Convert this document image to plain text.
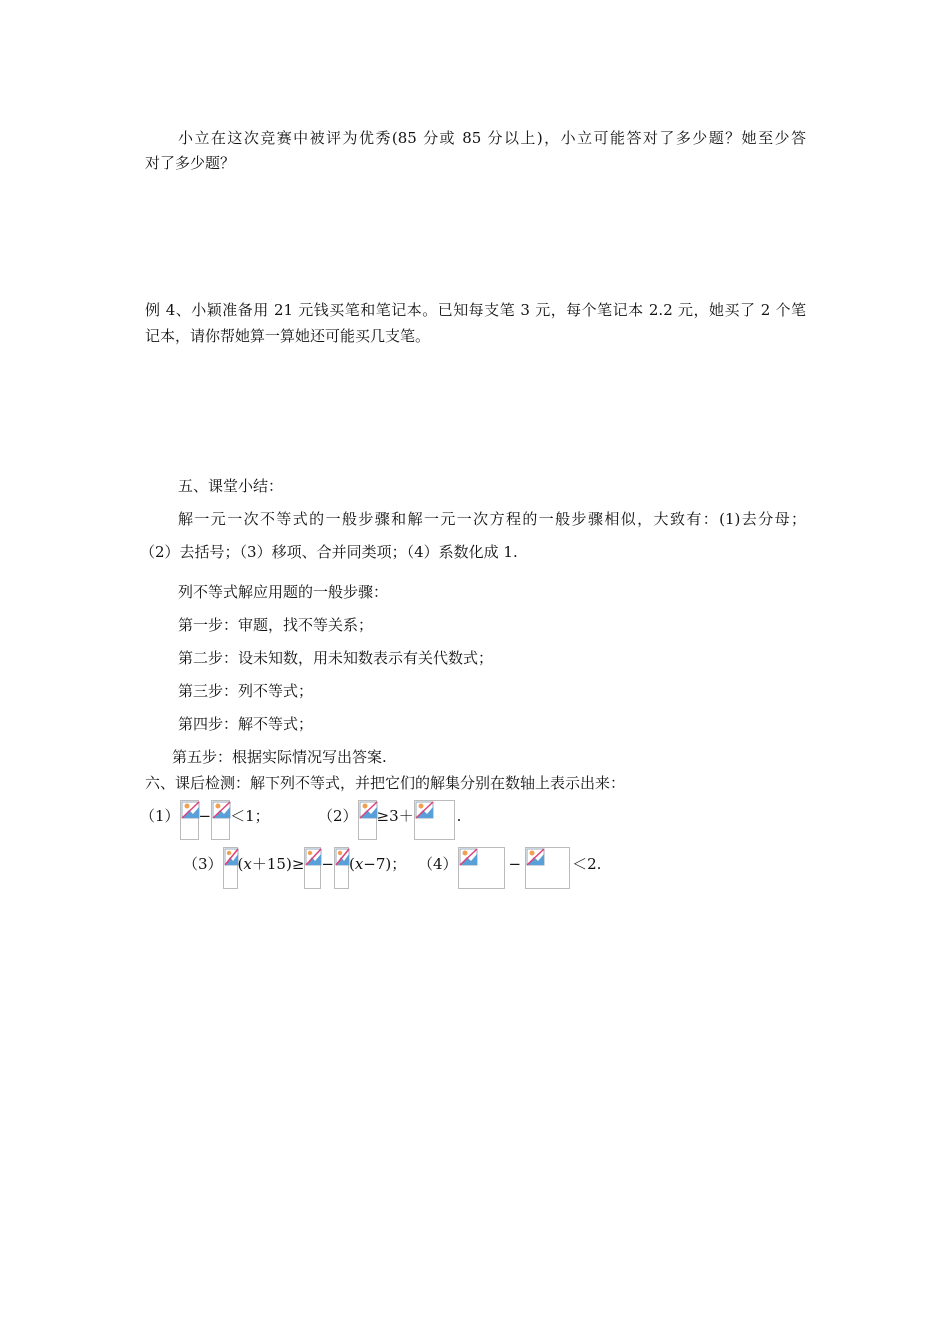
小立在这次竞赛中被评为优秀(85 分或 85 分以上)，小立可能答对了多少题？她至少答
对了多少题？
例 4、小颖准备用 21 元钱买笔和笔记本。已知每支笔 3 元，每个笔记本 2.2 元，她买了 2 个笔
记本，请你帮她算一算她还可能买几支笔。
五、课堂小结：
解一元一次不等式的一般步骤和解一元一次方程的一般步骤相似，大致有：(1)去分母；
（2）去括号；（3）移项、合并同类项；（4）系数化成 1.
列不等式解应用题的一般步骤：
第一步：审题，找不等关系；
第二步：设未知数，用未知数表示有关代数式；
第三步：列不等式；
第四步：解不等式；
第五步：根据实际情况写出答案.
六、课后检测：解下列不等式，并把它们的解集分别在数轴上表示出来：
（1） − ＜1；	（2） ≥3＋	.
（3） (x＋15)≥ − (x−7)； （4）	−	＜2.
